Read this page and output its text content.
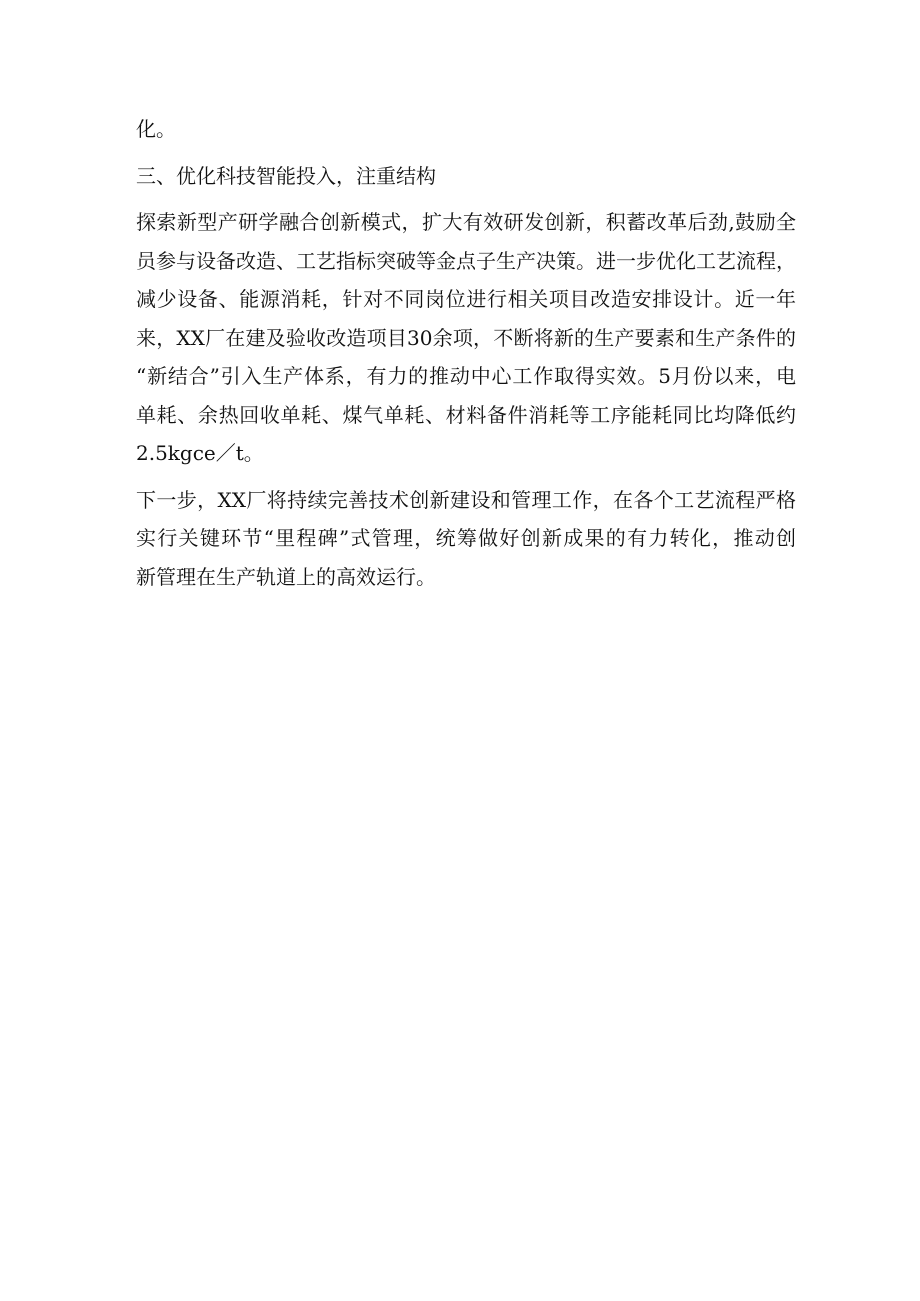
化。
三、优化科技智能投入，注重结构
探索新型产研学融合创新模式，扩大有效研发创新，积蓄改革后劲,鼓励全
员参与设备改造、工艺指标突破等金点子生产决策。进一步优化工艺流程，
减少设备、能源消耗，针对不同岗位进行相关项目改造安排设计。近一年
来，XX厂在建及验收改造项目30余项，不断将新的生产要素和生产条件的
“新结合”引入生产体系，有力的推动中心工作取得实效。5月份以来，电
单耗、余热回收单耗、煤气单耗、材料备件消耗等工序能耗同比均降低约
2.5kgce／t。
下一步，XX厂将持续完善技术创新建设和管理工作，在各个工艺流程严格
实行关键环节“里程碑”式管理，统筹做好创新成果的有力转化，推动创
新管理在生产轨道上的高效运行。
